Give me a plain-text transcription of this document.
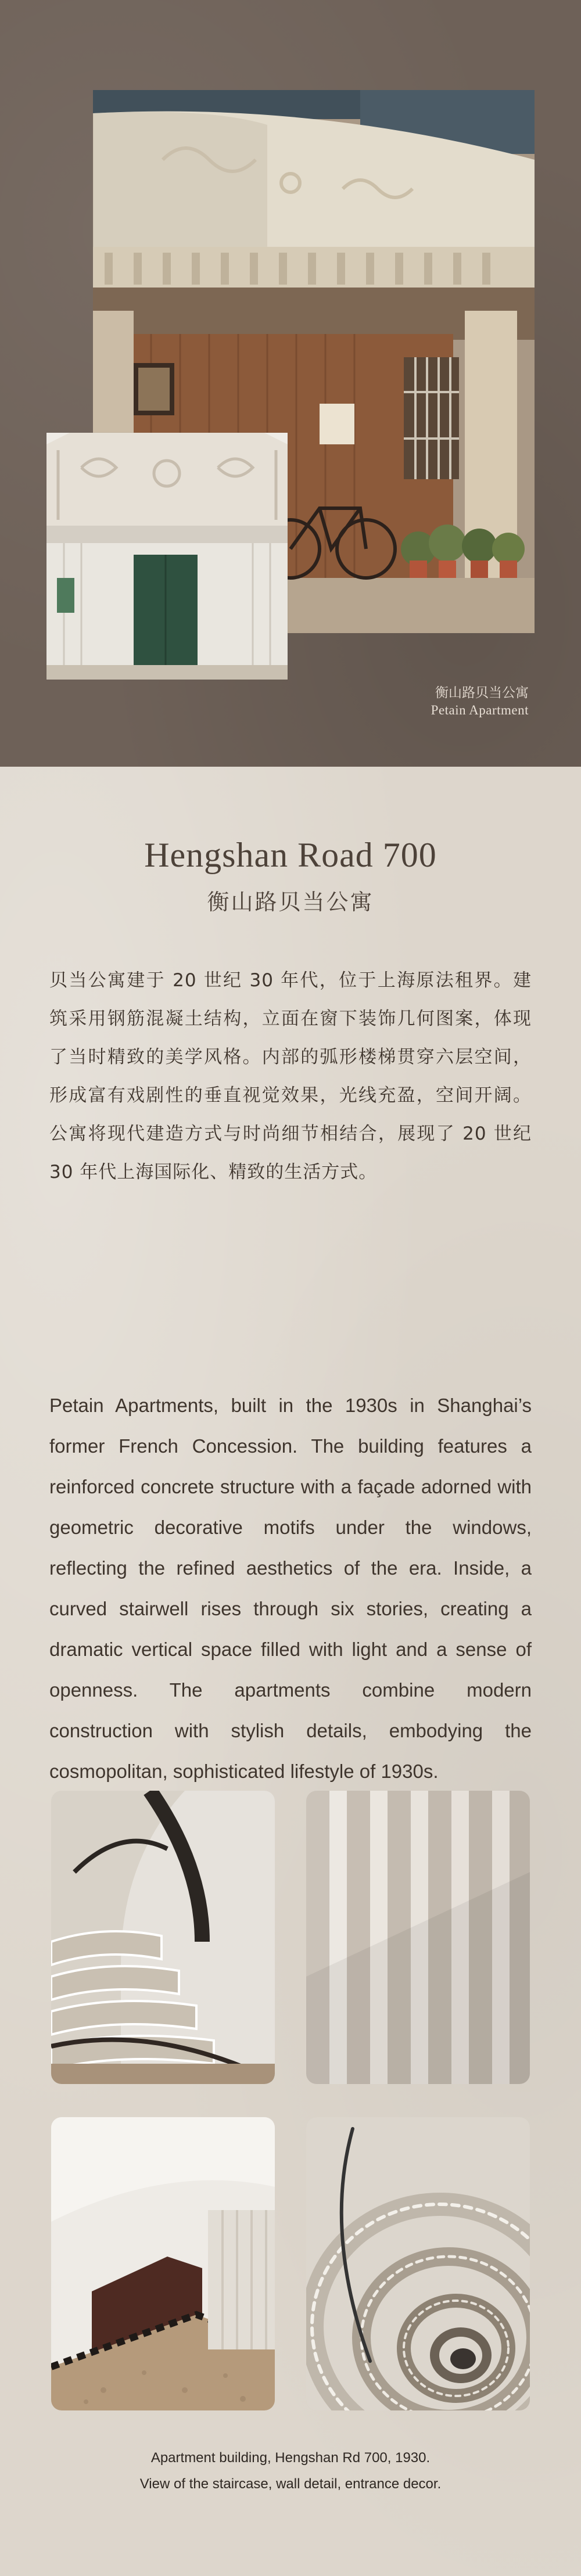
衡山路贝当公寓
Petain Apartment
Hengshan Road 700
衡山路贝当公寓

贝当公寓建于 20 世纪 30 年代，位于上海原法租界。建筑采用钢筋混凝土结构，立面在窗下装饰几何图案，体现了当时精致的美学风格。内部的弧形楼梯贯穿六层空间，形成富有戏剧性的垂直视觉效果，光线充盈，空间开阔。公寓将现代建造方式与时尚细节相结合，展现了 20 世纪 30 年代上海国际化、精致的生活方式。

Petain Apartments, built in the 1930s in Shanghai’s former French Concession. The building features a reinforced concrete structure with a façade adorned with geometric decorative motifs under the windows, reflecting the refined aesthetics of the era. Inside, a curved stairwell rises through six stories, creating a dramatic vertical space filled with light and a sense of openness. The apartments combine modern construction with stylish details, embodying the cosmopolitan, sophisticated lifestyle of 1930s.

Apartment building, Hengshan Rd 700, 1930.
View of the staircase, wall detail, entrance decor.
